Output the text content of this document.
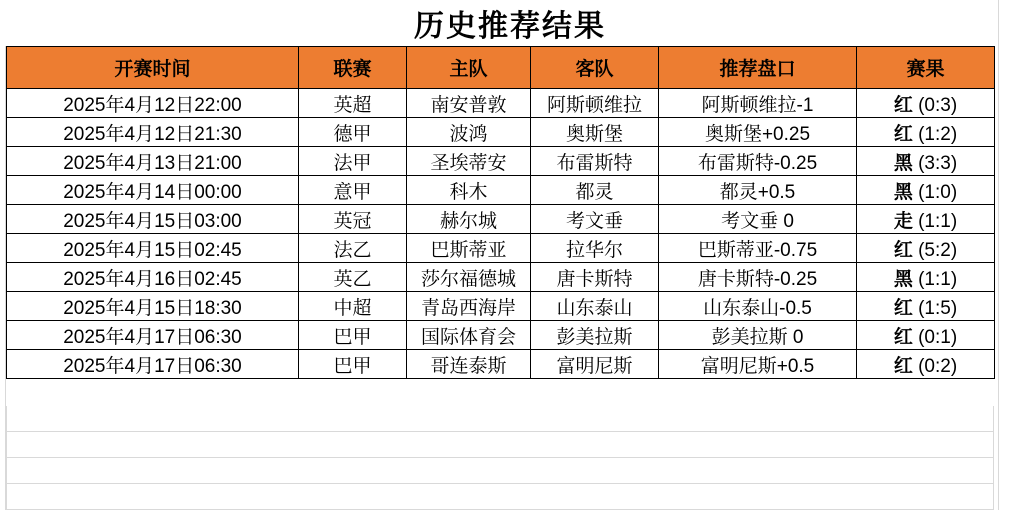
历史推荐结果
开赛时间	联赛	主队	客队	推荐盘口	赛果
2025年4月12日22:00	英超	南安普敦	阿斯顿维拉	阿斯顿维拉-1	红 (0:3)
2025年4月12日21:30	德甲	波鸿	奥斯堡	奥斯堡+0.25	红 (1:2)
2025年4月13日21:00	法甲	圣埃蒂安	布雷斯特	布雷斯特-0.25	黑 (3:3)
2025年4月14日00:00	意甲	科木	都灵	都灵+0.5	黑 (1:0)
2025年4月15日03:00	英冠	赫尔城	考文垂	考文垂 0	走 (1:1)
2025年4月15日02:45	法乙	巴斯蒂亚	拉华尔	巴斯蒂亚-0.75	红 (5:2)
2025年4月16日02:45	英乙	莎尔福德城	唐卡斯特	唐卡斯特-0.25	黑 (1:1)
2025年4月15日18:30	中超	青岛西海岸	山东泰山	山东泰山-0.5	红 (1:5)
2025年4月17日06:30	巴甲	国际体育会	彭美拉斯	彭美拉斯 0	红 (0:1)
2025年4月17日06:30	巴甲	哥连泰斯	富明尼斯	富明尼斯+0.5	红 (0:2)
